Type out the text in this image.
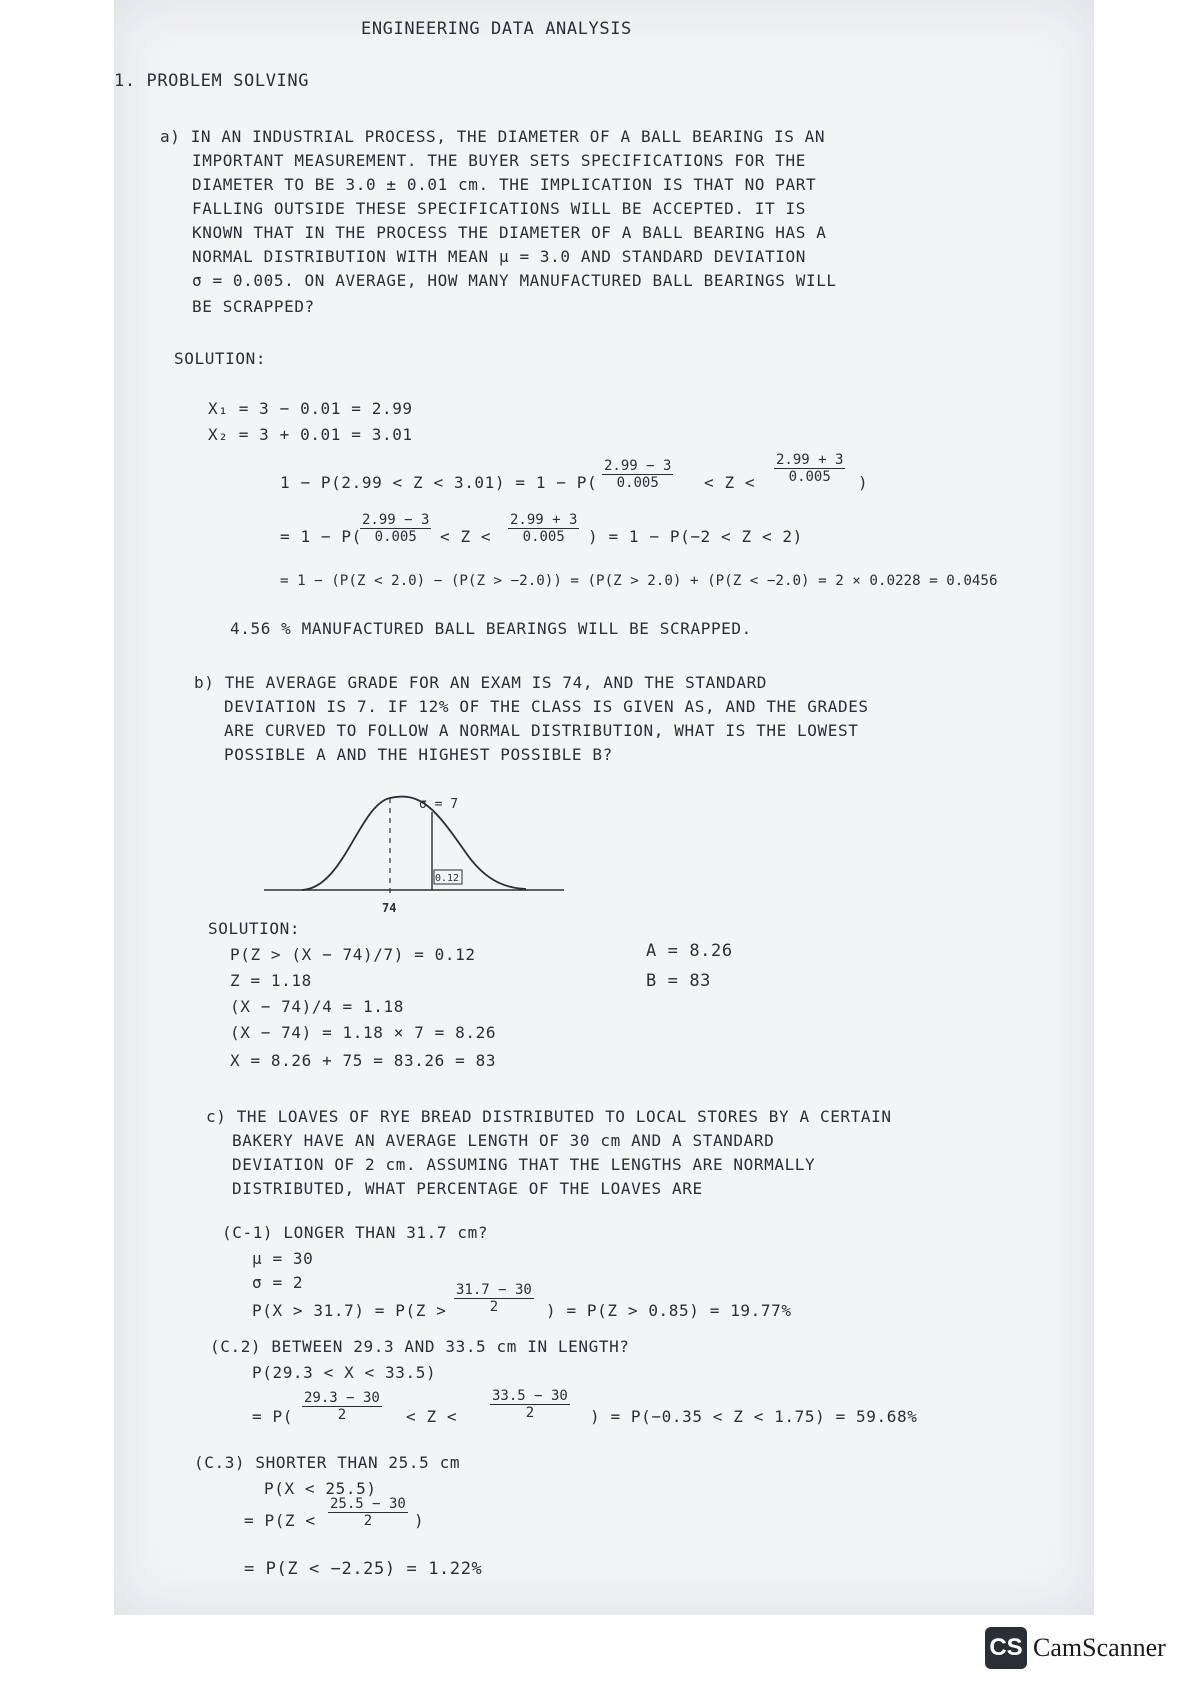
ENGINEERING DATA ANALYSIS
1. PROBLEM SOLVING
a) IN AN INDUSTRIAL PROCESS, THE DIAMETER OF A BALL BEARING IS AN
IMPORTANT MEASUREMENT. THE BUYER SETS SPECIFICATIONS FOR THE
DIAMETER TO BE 3.0 ± 0.01 cm. THE IMPLICATION IS THAT NO PART
FALLING OUTSIDE THESE SPECIFICATIONS WILL BE ACCEPTED. IT IS
KNOWN THAT IN THE PROCESS THE DIAMETER OF A BALL BEARING HAS A
NORMAL DISTRIBUTION WITH MEAN μ = 3.0 AND STANDARD DEVIATION
σ = 0.005. ON AVERAGE, HOW MANY MANUFACTURED BALL BEARINGS WILL
BE SCRAPPED?
SOLUTION:
X₁ = 3 − 0.01 = 2.99
X₂ = 3 + 0.01 = 3.01
$1 - P(2.99 < Z < 3.01) = 1 - P( \frac{2.99 - 3}{0.005} < Z < \frac{2.99 + 3}{0.005}$ )
= 1 − P(
$\frac{2.99 - 3}{0.005} < Z < \frac{2.99 + 3}{0.005}$ ) = 1 − P(−2 < Z < 2)
= 1 − (P(Z < 2.0) − (P(Z > −2.0)) = (P(Z > 2.0) + (P(Z < −2.0) = 2 × 0.0228 = 0.0456
4.56 % MANUFACTURED BALL BEARINGS WILL BE SCRAPPED.
b) THE AVERAGE GRADE FOR AN EXAM IS 74, AND THE STANDARD
DEVIATION IS 7. IF 12% OF THE CLASS IS GIVEN AS, AND THE GRADES
ARE CURVED TO FOLLOW A NORMAL DISTRIBUTION, WHAT IS THE LOWEST
POSSIBLE A AND THE HIGHEST POSSIBLE B?
0.12
σ = 7
74
SOLUTION:
P(Z > (X − 74)/7) = 0.12
Z = 1.18
(X − 74)/4 = 1.18
(X − 74) = 1.18 × 7 = 8.26
X = 8.26 + 75 = 83.26 = 83
A = 8.26
B = 83
c) THE LOAVES OF RYE BREAD DISTRIBUTED TO LOCAL STORES BY A CERTAIN
BAKERY HAVE AN AVERAGE LENGTH OF 30 cm AND A STANDARD
DEVIATION OF 2 cm. ASSUMING THAT THE LENGTHS ARE NORMALLY
DISTRIBUTED, WHAT PERCENTAGE OF THE LOAVES ARE
(C-1) LONGER THAN 31.7 cm?
μ = 30
σ = 2
$P(X > 31.7) = P(Z > \frac{31.7 - 30}{2}$ ) = P(Z > 0.85) = 19.77%
(C.2) BETWEEN 29.3 AND 33.5 cm IN LENGTH?
P(29.3 < X < 33.5)
= $P( \frac{29.3 - 30}{2} < Z < \frac{33.5 - 30}{2}$ ) = P(−0.35 < Z < 1.75) = 59.68%
(C.3) SHORTER THAN 25.5 cm
P(X < 25.5)
= $P(Z < \frac{25.5 - 30}{2}$ )
= P(Z < −2.25) = 1.22%
CS CamScanner
